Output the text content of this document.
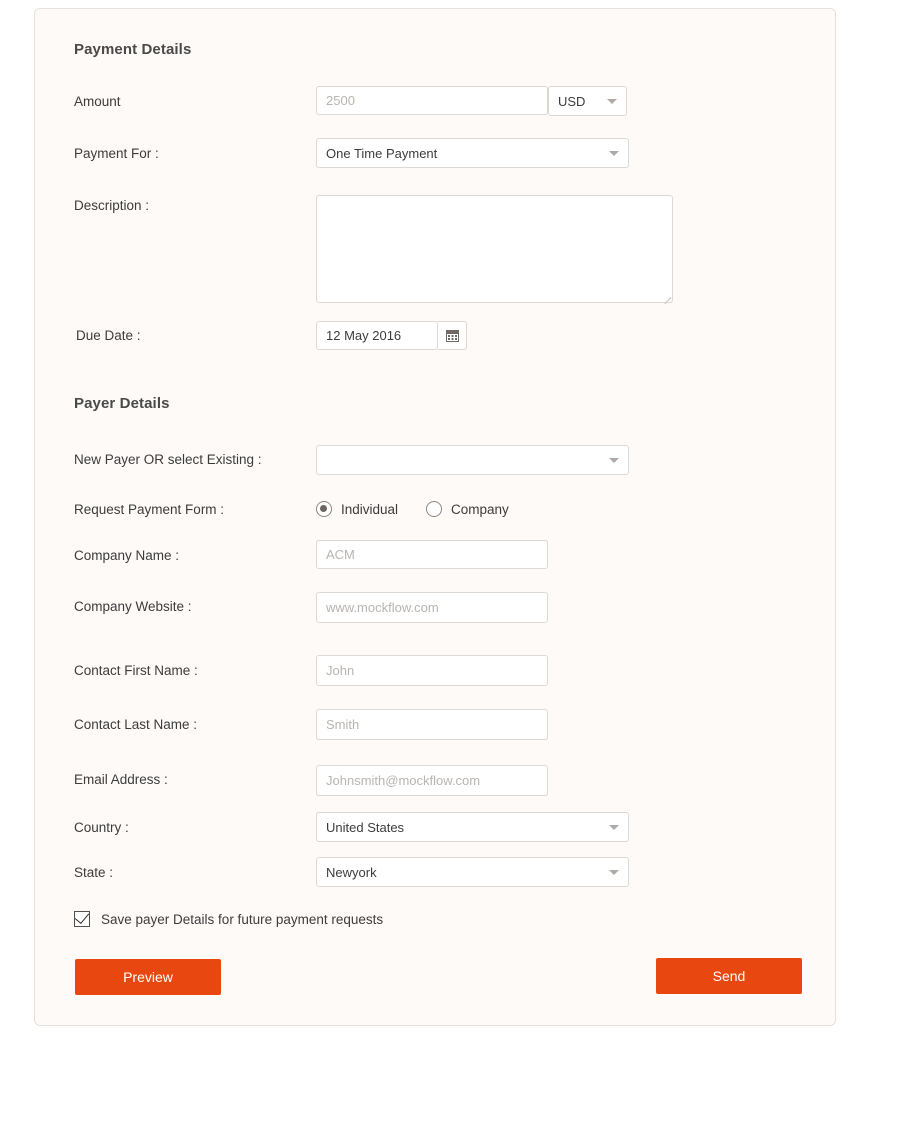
Payment Details
Amount
2500	USD
Payment For :	One Time Payment
Description :
Due Date :
12 May 2016
Payer Details
New Payer OR select Existing :
Request Payment Form :	Individual	Company
Company Name :
ACM
Company Website :
www.mockflow.com
Contact First Name :
John
Contact Last Name :
Smith
Email Address :
Johnsmith@mockflow.com
Country :	United States
State :	Newyork
Save payer Details for future payment requests
Preview	Send
